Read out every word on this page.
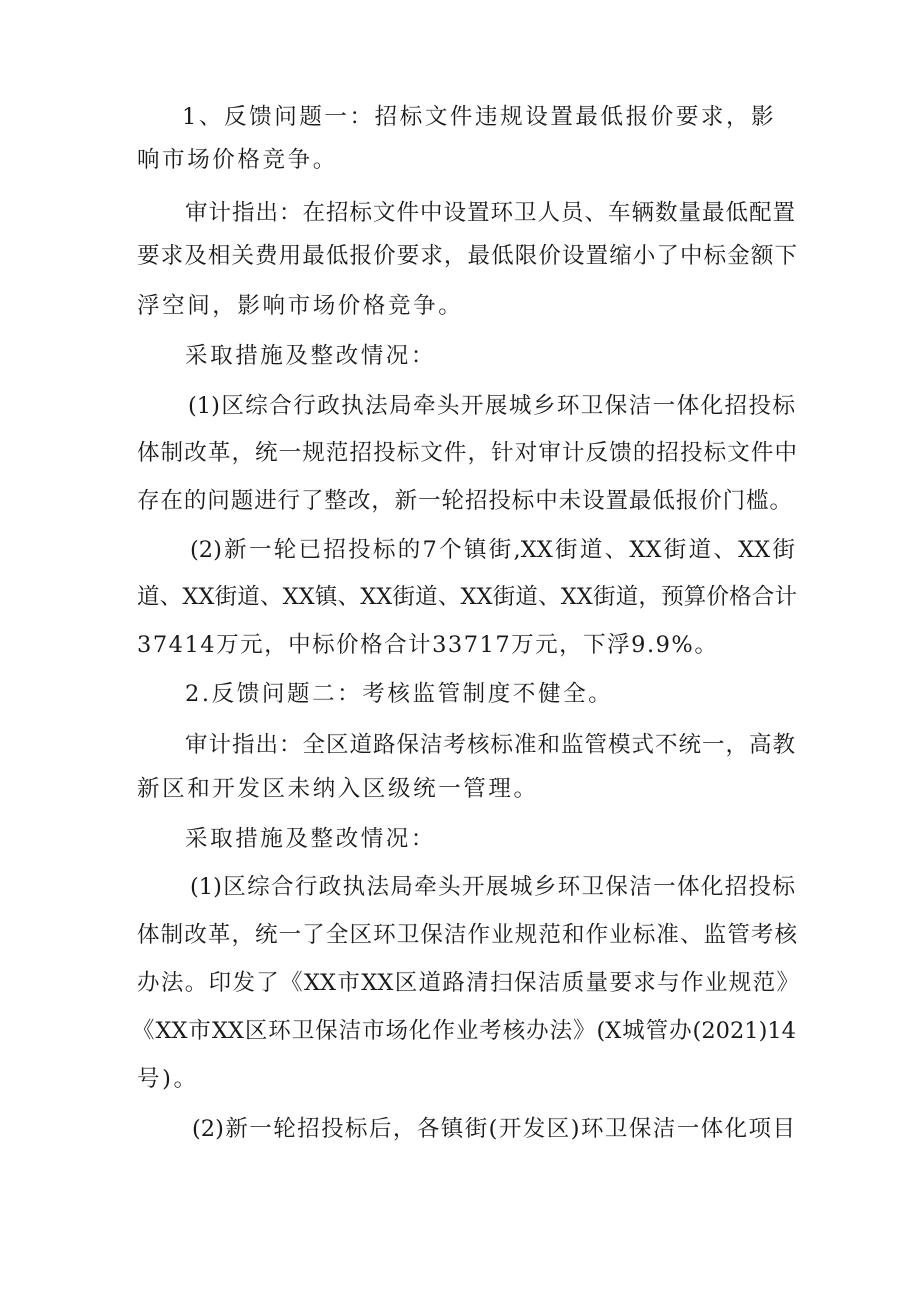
1、反馈问题一：招标文件违规设置最低报价要求，影
响市场价格竞争。
审计指出：在招标文件中设置环卫人员、车辆数量最低配置
要求及相关费用最低报价要求，最低限价设置缩小了中标金额下
浮空间，影响市场价格竞争。
采取措施及整改情况：
(1)区综合行政执法局牵头开展城乡环卫保洁一体化招投标
体制改革，统一规范招投标文件，针对审计反馈的招投标文件中
存在的问题进行了整改，新一轮招投标中未设置最低报价门槛。
(2)新一轮已招投标的7个镇街,XX街道、XX街道、XX街
道、XX街道、XX镇、XX街道、XX街道、XX街道，预算价格合计
37414万元，中标价格合计33717万元，下浮9.9%。
2.反馈问题二：考核监管制度不健全。
审计指出：全区道路保洁考核标准和监管模式不统一，高教
新区和开发区未纳入区级统一管理。
采取措施及整改情况：
(1)区综合行政执法局牵头开展城乡环卫保洁一体化招投标
体制改革，统一了全区环卫保洁作业规范和作业标准、监管考核
办法。印发了《XX市XX区道路清扫保洁质量要求与作业规范》
《XX市XX区环卫保洁市场化作业考核办法》(X城管办(2021)14
号)。
(2)新一轮招投标后，各镇街(开发区)环卫保洁一体化项目
